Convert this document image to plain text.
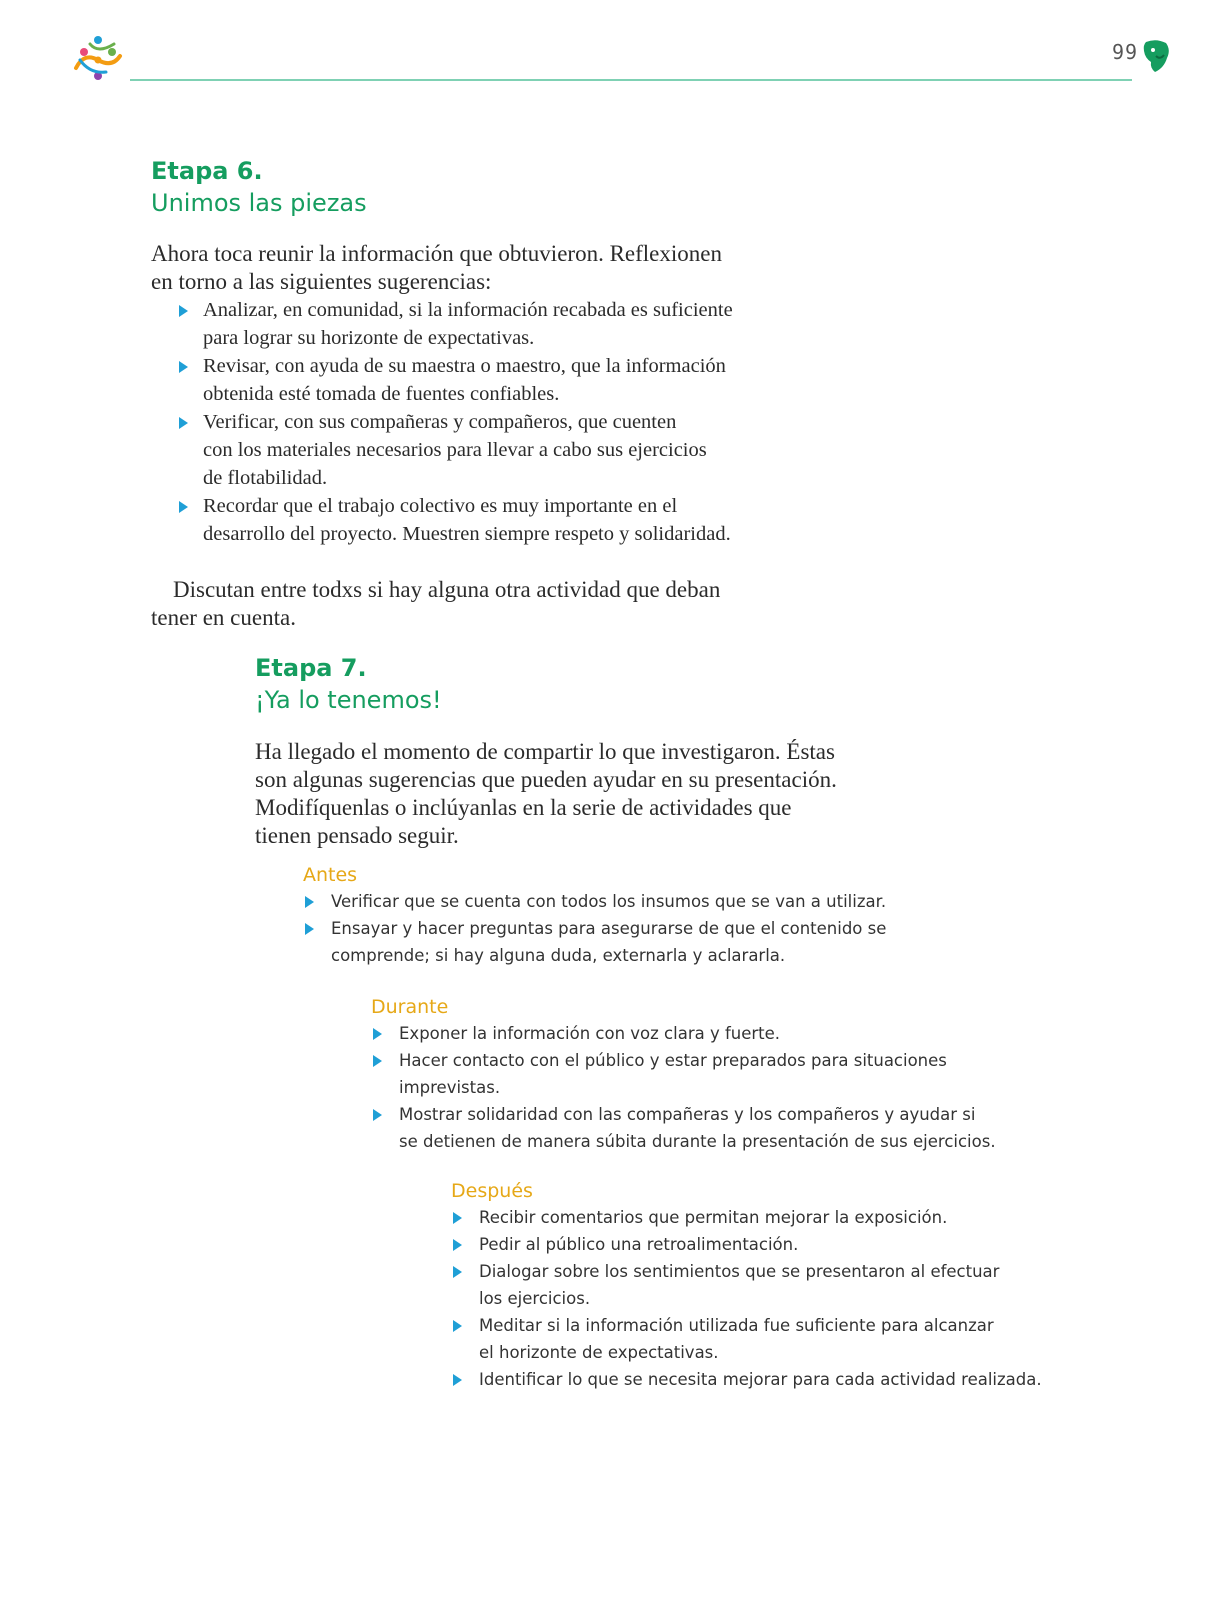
99
Etapa 6.
Unimos las piezas

Ahora toca reunir la información que obtuvieron. Reflexionen
en torno a las siguientes sugerencias:

Analizar, en comunidad, si la información recabada es suficiente
para lograr su horizonte de expectativas.
Revisar, con ayuda de su maestra o maestro, que la información
obtenida esté tomada de fuentes confiables.
Verificar, con sus compañeras y compañeros, que cuenten
con los materiales necesarios para llevar a cabo sus ejercicios
de flotabilidad.
Recordar que el trabajo colectivo es muy importante en el
desarrollo del proyecto. Muestren siempre respeto y solidaridad.

Discutan entre todxs si hay alguna otra actividad que deban
tener en cuenta.

Etapa 7.
¡Ya lo tenemos!

Ha llegado el momento de compartir lo que investigaron. Éstas
son algunas sugerencias que pueden ayudar en su presentación.
Modifíquenlas o inclúyanlas en la serie de actividades que
tienen pensado seguir.

Antes
Verificar que se cuenta con todos los insumos que se van a utilizar.
Ensayar y hacer preguntas para asegurarse de que el contenido se
comprende; si hay alguna duda, externarla y aclararla.
Durante
Exponer la información con voz clara y fuerte.
Hacer contacto con el público y estar preparados para situaciones
imprevistas.
Mostrar solidaridad con las compañeras y los compañeros y ayudar si
se detienen de manera súbita durante la presentación de sus ejercicios.
Después
Recibir comentarios que permitan mejorar la exposición.
Pedir al público una retroalimentación.
Dialogar sobre los sentimientos que se presentaron al efectuar
los ejercicios.
Meditar si la información utilizada fue suficiente para alcanzar
el horizonte de expectativas.
Identificar lo que se necesita mejorar para cada actividad realizada.
